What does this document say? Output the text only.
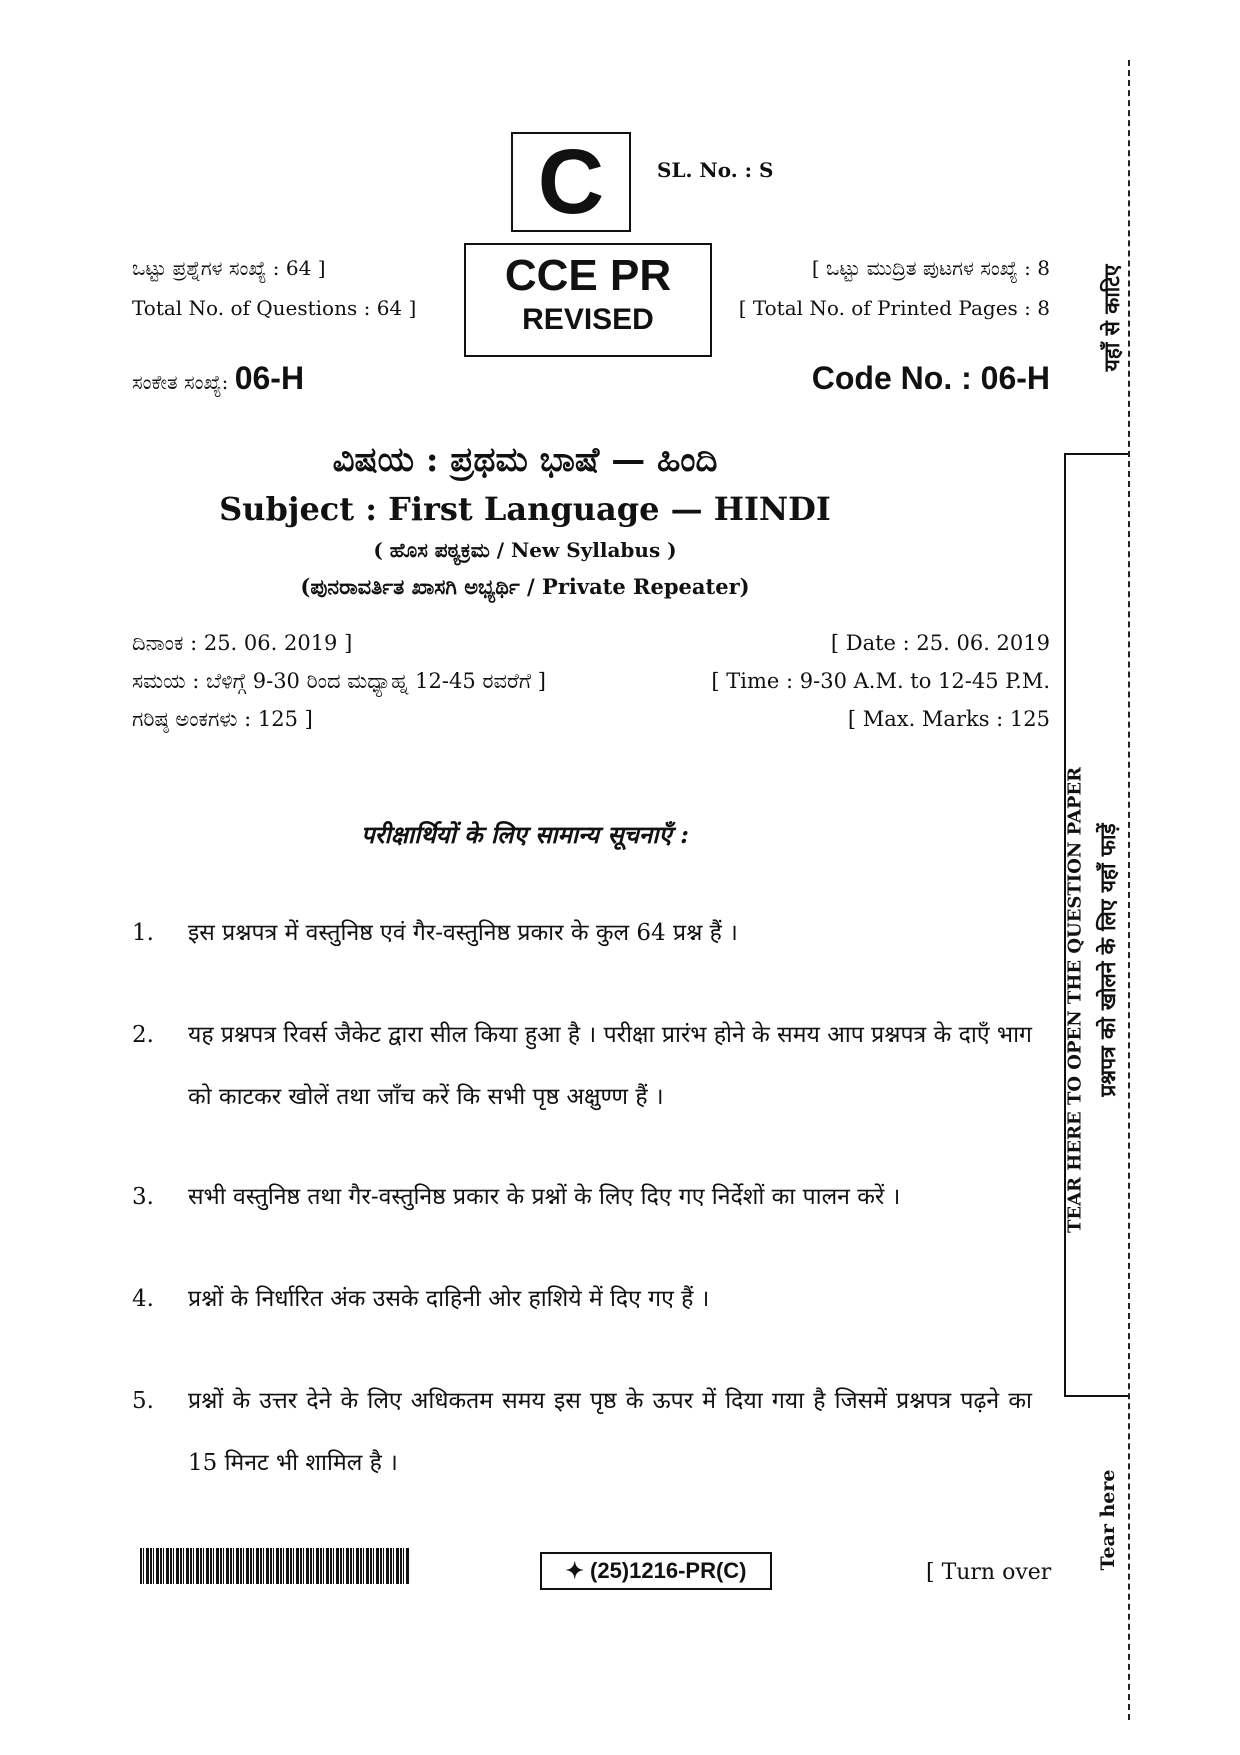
C	SL. No. : S
ಒಟ್ಟು ಪ್ರಶ್ನೆಗಳ ಸಂಖ್ಯೆ : 64 ]
Total No. of Questions : 64 ]
CCE PR
REVISED
[ ಒಟ್ಟು ಮುದ್ರಿತ ಪುಟಗಳ ಸಂಖ್ಯೆ : 8
[ Total No. of Printed Pages : 8
ಸಂಕೇತ ಸಂಖ್ಯೆ: 06-H	Code No. : 06-H
ವಿಷಯ : ಪ್ರಥಮ ಭಾಷೆ — ಹಿಂದಿ
Subject : First Language — HINDI
( ಹೊಸ ಪಠ್ಯಕ್ರಮ / New Syllabus )
(ಪುನರಾವರ್ತಿತ ಖಾಸಗಿ ಅಭ್ಯರ್ಥಿ / Private Repeater)
ದಿನಾಂಕ : 25. 06. 2019 ]
ಸಮಯ : ಬೆಳಿಗ್ಗೆ 9-30 ರಿಂದ ಮಧ್ಯಾಹ್ನ 12-45 ರವರೆಗೆ ]
ಗರಿಷ್ಠ ಅಂಕಗಳು : 125 ]
[ Date : 25. 06. 2019
[ Time : 9-30 A.M. to 12-45 P.M.
[ Max. Marks : 125
परीक्षार्थियों के लिए सामान्य सूचनाएँ :
1.	इस प्रश्नपत्र में वस्तुनिष्ठ एवं गैर-वस्तुनिष्ठ प्रकार के कुल 64 प्रश्न हैं ।
2.	यह प्रश्नपत्र रिवर्स जैकेट द्वारा सील किया हुआ है । परीक्षा प्रारंभ होने के समय आप प्रश्नपत्र के दाएँ भाग को काटकर खोलें तथा जाँच करें कि सभी पृष्ठ अक्षुण्ण हैं ।
3.	सभी वस्तुनिष्ठ तथा गैर-वस्तुनिष्ठ प्रकार के प्रश्नों के लिए दिए गए निर्देशों का पालन करें ।
4.	प्रश्नों के निर्धारित अंक उसके दाहिनी ओर हाशिये में दिए गए हैं ।
5.	प्रश्नों के उत्तर देने के लिए अधिकतम समय इस पृष्ठ के ऊपर में दिया गया है जिसमें प्रश्नपत्र पढ़ने का 15 मिनट भी शामिल है ।
✦ (25)1216-PR(C)	[ Turn over
यहाँ से काटिए
TEAR HERE TO OPEN THE QUESTION PAPER प्रश्नपत्र को खोलने के लिए यहाँ फाड़ें
Tear here
